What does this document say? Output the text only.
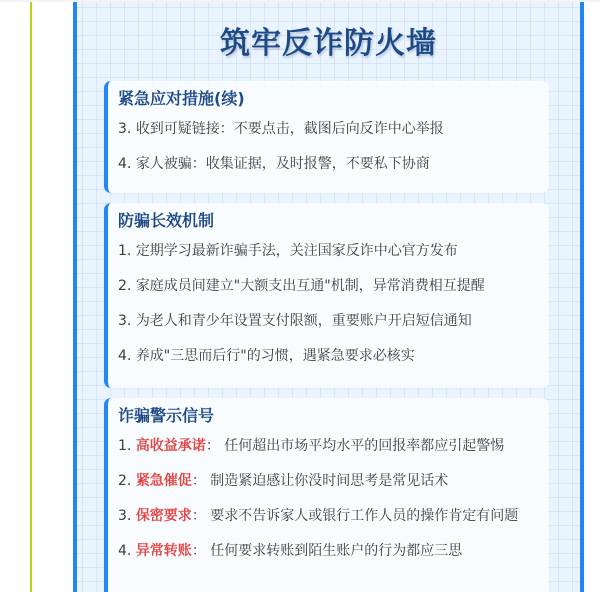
筑牢反诈防火墙
紧急应对措施(续)
3. 收到可疑链接：不要点击，截图后向反诈中心举报
4. 家人被骗：收集证据，及时报警，不要私下协商
防骗长效机制
1. 定期学习最新诈骗手法，关注国家反诈中心官方发布
2. 家庭成员间建立"大额支出互通"机制，异常消费相互提醒
3. 为老人和青少年设置支付限额，重要账户开启短信通知
4. 养成"三思而后行"的习惯，遇紧急要求必核实
诈骗警示信号
1. 高收益承诺： 任何超出市场平均水平的回报率都应引起警惕
2. 紧急催促： 制造紧迫感让你没时间思考是常见话术
3. 保密要求： 要求不告诉家人或银行工作人员的操作肯定有问题
4. 异常转账： 任何要求转账到陌生账户的行为都应三思
